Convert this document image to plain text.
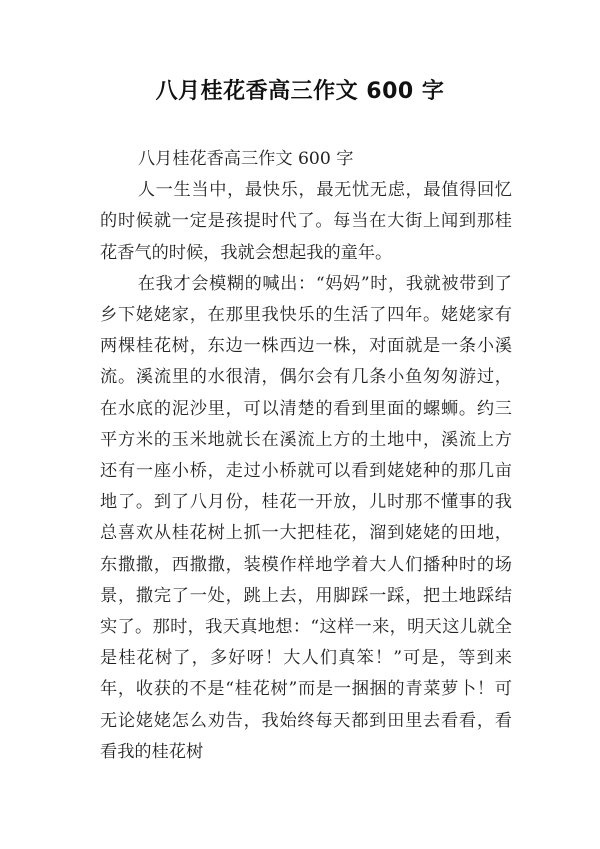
八月桂花香高三作文 600 字

八月桂花香高三作文 600 字

人一生当中，最快乐，最无忧无虑，最值得回忆的时候就一定是孩提时代了。每当在大街上闻到那桂花香气的时候，我就会想起我的童年。

在我才会模糊的喊出：“妈妈”时，我就被带到了乡下姥姥家，在那里我快乐的生活了四年。姥姥家有两棵桂花树，东边一株西边一株，对面就是一条小溪流。溪流里的水很清，偶尔会有几条小鱼匆匆游过，在水底的泥沙里，可以清楚的看到里面的螺蛳。约三平方米的玉米地就长在溪流上方的土地中，溪流上方还有一座小桥，走过小桥就可以看到姥姥种的那几亩地了。到了八月份，桂花一开放，儿时那不懂事的我总喜欢从桂花树上抓一大把桂花，溜到姥姥的田地，东撒撒，西撒撒，装模作样地学着大人们播种时的场景，撒完了一处，跳上去，用脚踩一踩，把土地踩结实了。那时，我天真地想：“这样一来，明天这儿就全是桂花树了，多好呀！大人们真笨！”可是，等到来年，收获的不是“桂花树”而是一捆捆的青菜萝卜！可无论姥姥怎么劝告，我始终每天都到田里去看看，看看我的桂花树
